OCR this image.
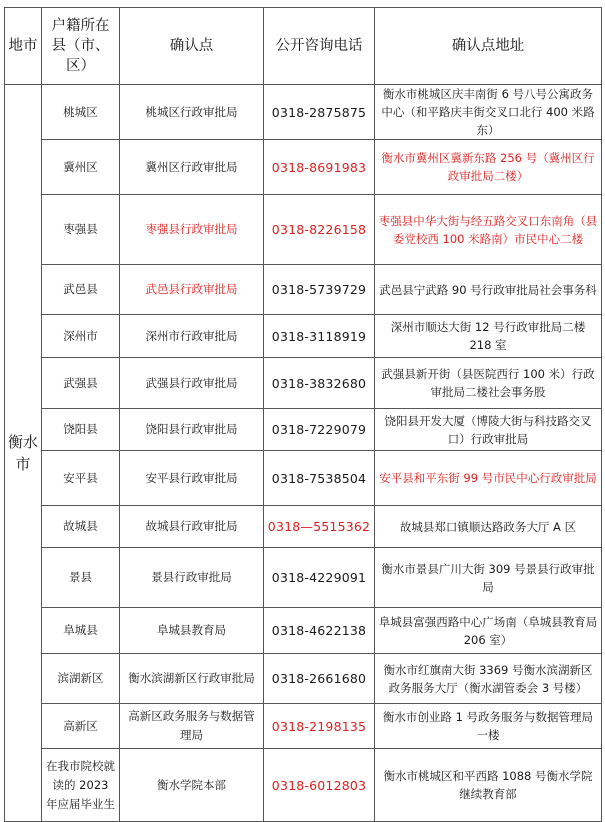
地市	户籍所在县（市、区）	确认点	公开咨询电话	确认点地址
衡水市	桃城区	桃城区行政审批局	0318-2875875	衡水市桃城区庆丰南街 6 号八号公寓政务中心（和平路庆丰街交叉口北行 400 米路东）
	冀州区	冀州区行政审批局	0318-8691983	衡水市冀州区冀新东路 256 号（冀州区行政审批局二楼）
	枣强县	枣强县行政审批局	0318-8226158	枣强县中华大街与经五路交叉口东南角（县委党校西 100 米路南）市民中心二楼
	武邑县	武邑县行政审批局	0318-5739729	武邑县宁武路 90 号行政审批局社会事务科
	深州市	深州市行政审批局	0318-3118919	深州市顺达大街 12 号行政审批局二楼 218 室
	武强县	武强县行政审批局	0318-3832680	武强县新开街（县医院西行 100 米）行政审批局二楼社会事务股
	饶阳县	饶阳县行政审批局	0318-7229079	饶阳县开发大厦（博陵大街与科技路交叉口）行政审批局
	安平县	安平县行政审批局	0318-7538504	安平县和平东街 99 号市民中心行政审批局
	故城县	故城县行政审批局	0318—5515362	故城县郑口镇顺达路政务大厅 A 区
	景县	景县行政审批局	0318-4229091	衡水市景县广川大街 309 号景县行政审批局
	阜城县	阜城县教育局	0318-4622138	阜城县富强西路中心广场南（阜城县教育局 206 室）
	滨湖新区	衡水滨湖新区行政审批局	0318-2661680	衡水市红旗南大街 3369 号衡水滨湖新区政务服务大厅（衡水湖管委会 3 号楼）
	高新区	高新区政务服务与数据管理局	0318-2198135	衡水市创业路 1 号政务服务与数据管理局一楼
	在我市院校就读的 2023 年应届毕业生	衡水学院本部	0318-6012803	衡水市桃城区和平西路 1088 号衡水学院继续教育部
